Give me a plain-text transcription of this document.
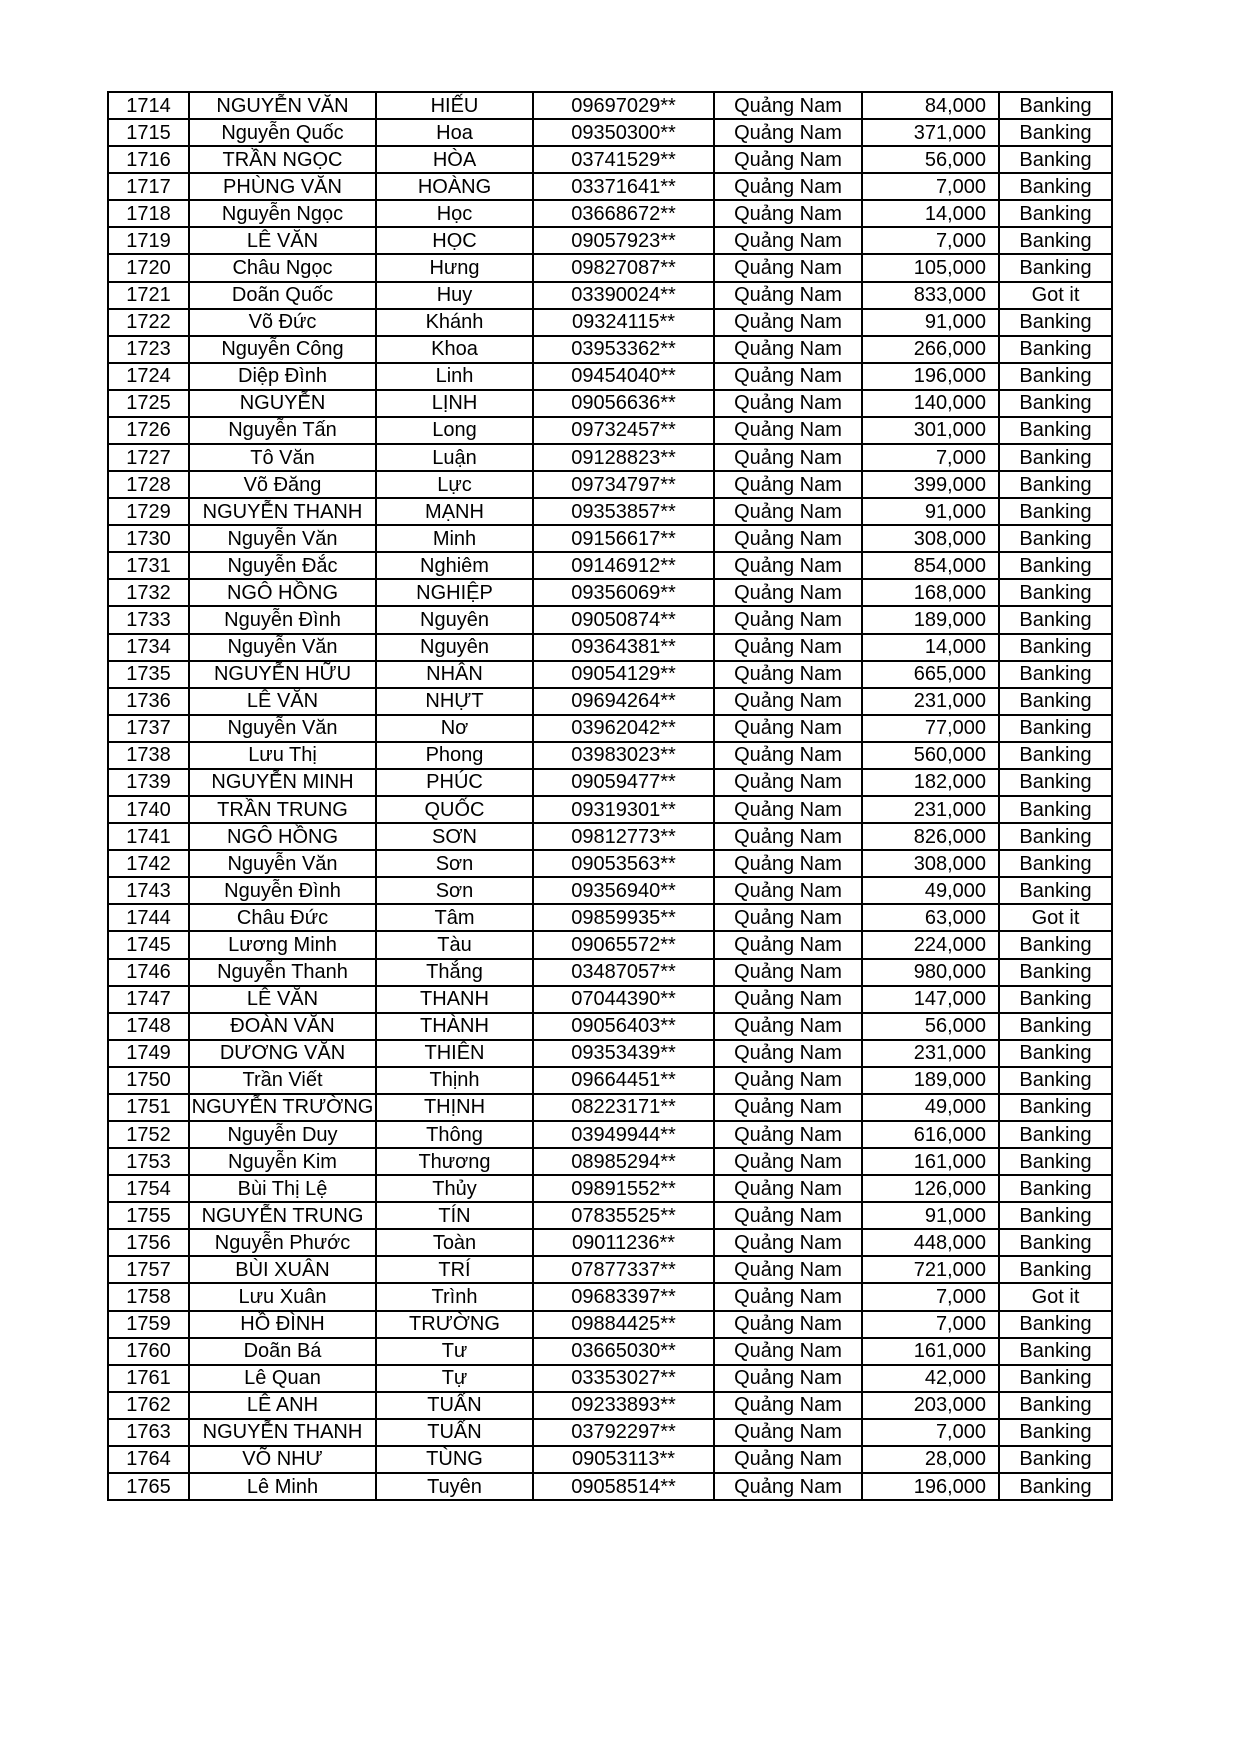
1714	NGUYỄN VĂN	HIẾU	09697029**	Quảng Nam	84,000	Banking
1715	Nguyễn Quốc	Hoa	09350300**	Quảng Nam	371,000	Banking
1716	TRẦN NGỌC	HÒA	03741529**	Quảng Nam	56,000	Banking
1717	PHÙNG VĂN	HOÀNG	03371641**	Quảng Nam	7,000	Banking
1718	Nguyễn Ngọc	Học	03668672**	Quảng Nam	14,000	Banking
1719	LÊ VĂN	HỌC	09057923**	Quảng Nam	7,000	Banking
1720	Châu Ngọc	Hưng	09827087**	Quảng Nam	105,000	Banking
1721	Doãn Quốc	Huy	03390024**	Quảng Nam	833,000	Got it
1722	Võ Đức	Khánh	09324115**	Quảng Nam	91,000	Banking
1723	Nguyễn Công	Khoa	03953362**	Quảng Nam	266,000	Banking
1724	Diệp Đình	Linh	09454040**	Quảng Nam	196,000	Banking
1725	NGUYỄN	LỊNH	09056636**	Quảng Nam	140,000	Banking
1726	Nguyễn Tấn	Long	09732457**	Quảng Nam	301,000	Banking
1727	Tô Văn	Luận	09128823**	Quảng Nam	7,000	Banking
1728	Võ Đăng	Lực	09734797**	Quảng Nam	399,000	Banking
1729	NGUYỄN THANH	MẠNH	09353857**	Quảng Nam	91,000	Banking
1730	Nguyễn Văn	Minh	09156617**	Quảng Nam	308,000	Banking
1731	Nguyễn Đắc	Nghiêm	09146912**	Quảng Nam	854,000	Banking
1732	NGÔ HỒNG	NGHIỆP	09356069**	Quảng Nam	168,000	Banking
1733	Nguyễn Đình	Nguyên	09050874**	Quảng Nam	189,000	Banking
1734	Nguyễn Văn	Nguyên	09364381**	Quảng Nam	14,000	Banking
1735	NGUYỄN HỮU	NHÂN	09054129**	Quảng Nam	665,000	Banking
1736	LÊ VĂN	NHỰT	09694264**	Quảng Nam	231,000	Banking
1737	Nguyễn Văn	Nơ	03962042**	Quảng Nam	77,000	Banking
1738	Lưu Thị	Phong	03983023**	Quảng Nam	560,000	Banking
1739	NGUYỄN MINH	PHÚC	09059477**	Quảng Nam	182,000	Banking
1740	TRẦN TRUNG	QUỐC	09319301**	Quảng Nam	231,000	Banking
1741	NGÔ HỒNG	SƠN	09812773**	Quảng Nam	826,000	Banking
1742	Nguyễn Văn	Sơn	09053563**	Quảng Nam	308,000	Banking
1743	Nguyễn Đình	Sơn	09356940**	Quảng Nam	49,000	Banking
1744	Châu Đức	Tâm	09859935**	Quảng Nam	63,000	Got it
1745	Lương Minh	Tàu	09065572**	Quảng Nam	224,000	Banking
1746	Nguyễn Thanh	Thắng	03487057**	Quảng Nam	980,000	Banking
1747	LÊ VĂN	THANH	07044390**	Quảng Nam	147,000	Banking
1748	ĐOÀN VĂN	THÀNH	09056403**	Quảng Nam	56,000	Banking
1749	DƯƠNG VĂN	THIÊN	09353439**	Quảng Nam	231,000	Banking
1750	Trần Viết	Thịnh	09664451**	Quảng Nam	189,000	Banking
1751	NGUYỄN TRƯỜNG	THỊNH	08223171**	Quảng Nam	49,000	Banking
1752	Nguyễn Duy	Thông	03949944**	Quảng Nam	616,000	Banking
1753	Nguyễn Kim	Thương	08985294**	Quảng Nam	161,000	Banking
1754	Bùi Thị Lệ	Thủy	09891552**	Quảng Nam	126,000	Banking
1755	NGUYỄN TRUNG	TÍN	07835525**	Quảng Nam	91,000	Banking
1756	Nguyễn Phước	Toàn	09011236**	Quảng Nam	448,000	Banking
1757	BÙI XUÂN	TRÍ	07877337**	Quảng Nam	721,000	Banking
1758	Lưu Xuân	Trình	09683397**	Quảng Nam	7,000	Got it
1759	HỒ ĐÌNH	TRƯỜNG	09884425**	Quảng Nam	7,000	Banking
1760	Doãn Bá	Tư	03665030**	Quảng Nam	161,000	Banking
1761	Lê Quan	Tự	03353027**	Quảng Nam	42,000	Banking
1762	LÊ ANH	TUẤN	09233893**	Quảng Nam	203,000	Banking
1763	NGUYỄN THANH	TUẤN	03792297**	Quảng Nam	7,000	Banking
1764	VÕ NHƯ	TÙNG	09053113**	Quảng Nam	28,000	Banking
1765	Lê Minh	Tuyên	09058514**	Quảng Nam	196,000	Banking
